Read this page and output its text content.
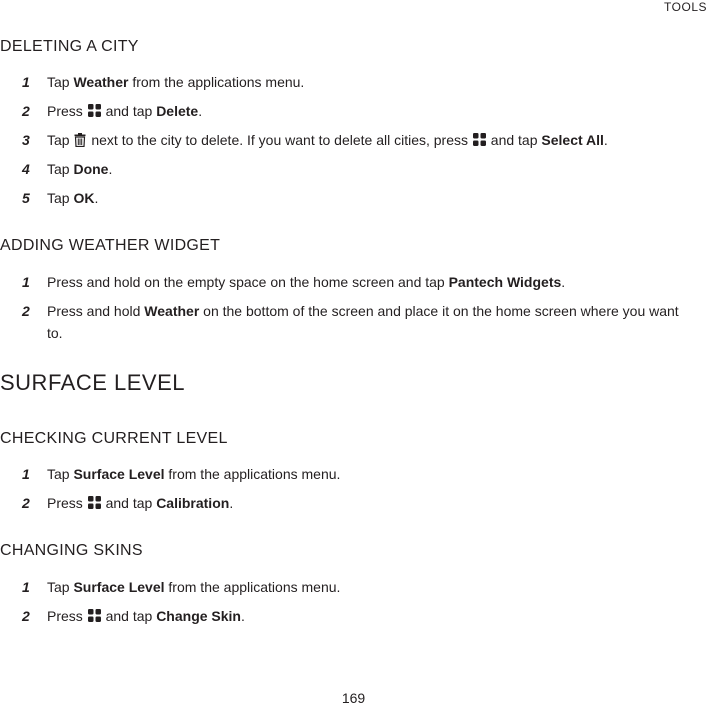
TOOLS
DELETING A CITY
1	Tap Weather from the applications menu.
2	Press
and tap Delete.
3	Tap
next to the city to delete. If you want to delete all cities, press
and tap Select All.
4	Tap Done.
5	Tap OK.
ADDING WEATHER WIDGET
1	Press and hold on the empty space on the home screen and tap Pantech Widgets.
2	Press and hold Weather on the bottom of the screen and place it on the home screen where you want to.
SURFACE LEVEL
CHECKING CURRENT LEVEL
1	Tap Surface Level from the applications menu.
2	Press
and tap Calibration.
CHANGING SKINS
1	Tap Surface Level from the applications menu.
2	Press
and tap Change Skin.
169
